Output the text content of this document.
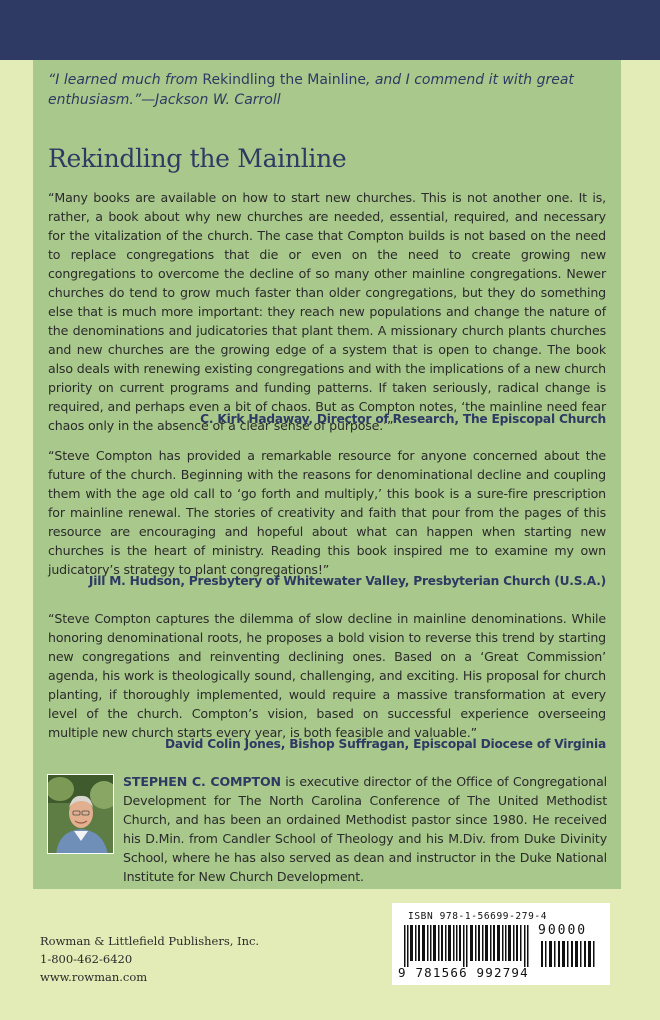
“I learned much from Rekindling the Mainline, and I commend it with great enthusiasm.”—Jackson W. Carroll
Rekindling the Mainline
“Many books are available on how to start new churches. This is not another one. It is, rather, a book about why new churches are needed, essential, required, and necessary for the vitalization of the church. The case that Compton builds is not based on the need to replace congregations that die or even on the need to create growing new congregations to overcome the decline of so many other mainline congregations. Newer churches do tend to grow much faster than older congregations, but they do something else that is much more important: they reach new populations and change the nature of the denominations and judicatories that plant them. A missionary church plants churches and new churches are the growing edge of a system that is open to change. The book also deals with renewing existing congregations and with the implications of a new church priority on current programs and funding patterns. If taken seriously, radical change is required, and perhaps even a bit of chaos. But as Compton notes, ‘the mainline need fear chaos only in the absence of a clear sense of purpose.’”
C. Kirk Hadaway, Director of Research, The Episcopal Church
“Steve Compton has provided a remarkable resource for anyone concerned about the future of the church. Beginning with the reasons for denominational decline and coupling them with the age old call to ‘go forth and multiply,’ this book is a sure-fire prescription for mainline renewal. The stories of creativity and faith that pour from the pages of this resource are encouraging and hopeful about what can happen when starting new churches is the heart of ministry. Reading this book inspired me to examine my own judicatory’s strategy to plant congregations!”
Jill M. Hudson, Presbytery of Whitewater Valley, Presbyterian Church (U.S.A.)
“Steve Compton captures the dilemma of slow decline in mainline denominations. While honoring denominational roots, he proposes a bold vision to reverse this trend by starting new congregations and reinventing declining ones. Based on a ‘Great Commission’ agenda, his work is theologically sound, challenging, and exciting. His proposal for church planting, if thoroughly implemented, would require a massive transformation at every level of the church. Compton’s vision, based on successful experience overseeing multiple new church starts every year, is both feasible and valuable.”
David Colin Jones, Bishop Suffragan, Episcopal Diocese of Virginia
STEPHEN C. COMPTON is executive director of the Office of Congregational Development for The North Carolina Conference of The United Methodist Church, and has been an ordained Methodist pastor since 1980. He received his D.Min. from Candler School of Theology and his M.Div. from Duke Divinity School, where he has also served as dean and instructor in the Duke National Institute for New Church Development.
Rowman & Littlefield Publishers, Inc.
1-800-462-6420
www.rowman.com
ISBN 978-1-56699-279-4
90000
9 781566 992794
